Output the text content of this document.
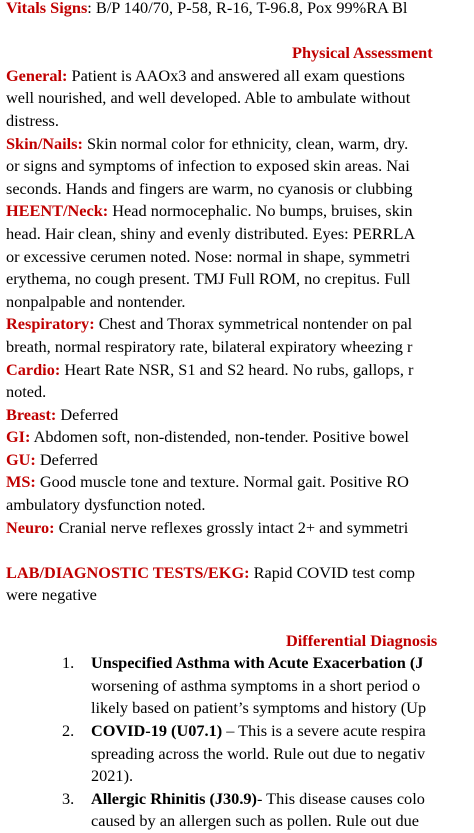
Vitals Signs: B/P 140/70, P-58, R-16, T-96.8, Pox 99%RA Bl
Physical Assessment
General: Patient is AAOx3 and answered all exam questions
well nourished, and well developed. Able to ambulate without
distress.
Skin/Nails: Skin normal color for ethnicity, clean, warm, dry.
or signs and symptoms of infection to exposed skin areas. Nai
seconds. Hands and fingers are warm, no cyanosis or clubbing
HEENT/Neck: Head normocephalic. No bumps, bruises, skin
head. Hair clean, shiny and evenly distributed. Eyes: PERRLA
or excessive cerumen noted. Nose: normal in shape, symmetri
erythema, no cough present. TMJ Full ROM, no crepitus. Full
nonpalpable and nontender.
Respiratory: Chest and Thorax symmetrical nontender on pal
breath, normal respiratory rate, bilateral expiratory wheezing r
Cardio: Heart Rate NSR, S1 and S2 heard. No rubs, gallops, r
noted.
Breast: Deferred
GI: Abdomen soft, non-distended, non-tender. Positive bowel
GU: Deferred
MS: Good muscle tone and texture. Normal gait. Positive RO
ambulatory dysfunction noted.
Neuro: Cranial nerve reflexes grossly intact 2+ and symmetri
LAB/DIAGNOSTIC TESTS/EKG: Rapid COVID test comp
were negative
Differential Diagnosis
1. Unspecified Asthma with Acute Exacerbation (J
worsening of asthma symptoms in a short period o
likely based on patient’s symptoms and history (Up
2. COVID-19 (U07.1) – This is a severe acute respira
spreading across the world. Rule out due to negativ
2021).
3. Allergic Rhinitis (J30.9)- This disease causes colo
caused by an allergen such as pollen. Rule out due
